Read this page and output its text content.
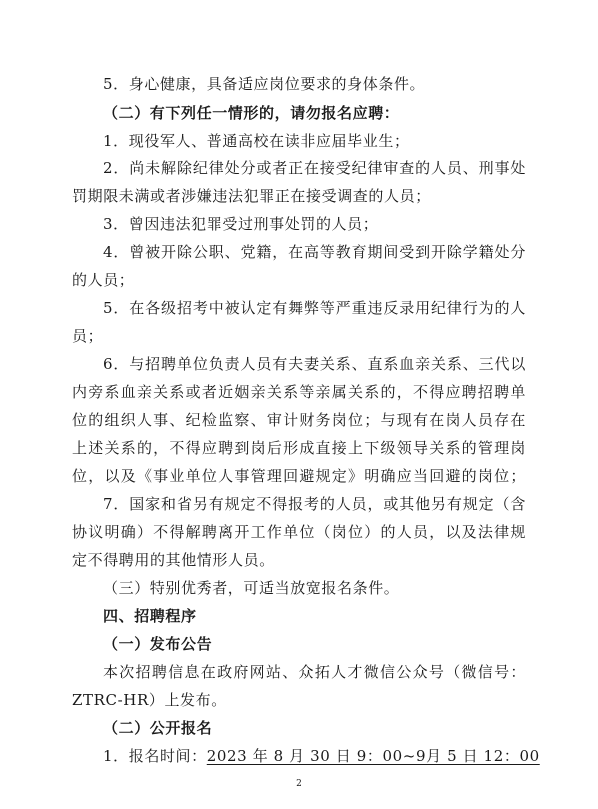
5．身心健康，具备适应岗位要求的身体条件。
（二）有下列任一情形的，请勿报名应聘：
1．现役军人、普通高校在读非应届毕业生；
2．尚未解除纪律处分或者正在接受纪律审查的人员、刑事处
罚期限未满或者涉嫌违法犯罪正在接受调查的人员；
3．曾因违法犯罪受过刑事处罚的人员；
4．曾被开除公职、党籍，在高等教育期间受到开除学籍处分
的人员；
5．在各级招考中被认定有舞弊等严重违反录用纪律行为的人
员；
6．与招聘单位负责人员有夫妻关系、直系血亲关系、三代以
内旁系血亲关系或者近姻亲关系等亲属关系的，不得应聘招聘单
位的组织人事、纪检监察、审计财务岗位；与现有在岗人员存在
上述关系的，不得应聘到岗后形成直接上下级领导关系的管理岗
位，以及《事业单位人事管理回避规定》明确应当回避的岗位；
7．国家和省另有规定不得报考的人员，或其他另有规定（含
协议明确）不得解聘离开工作单位（岗位）的人员，以及法律规
定不得聘用的其他情形人员。
（三）特别优秀者，可适当放宽报名条件。
四、招聘程序
（一）发布公告
本次招聘信息在政府网站、众拓人才微信公众号（微信号：
ZTRC-HR）上发布。
（二）公开报名
1．报名时间：2023 年 8 月 30 日 9：00~9月 5 日 12：00
2
